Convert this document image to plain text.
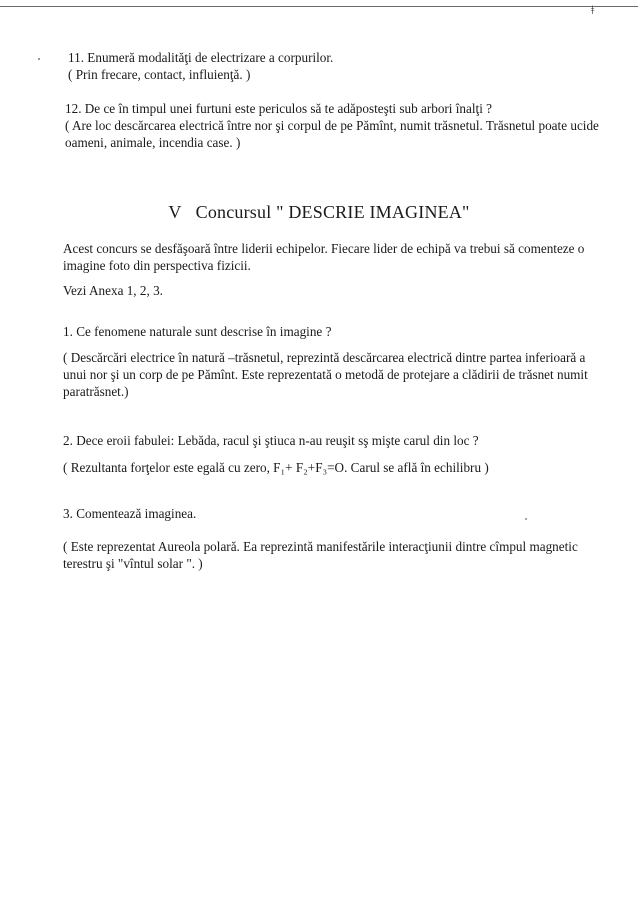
ǂ
11. Enumeră modalităţi de electrizare a corpurilor.
( Prin frecare, contact, influienţă. )
12. De ce în timpul unei furtuni este periculos să te adăposteşti sub arbori înalţi ?
( Are loc descărcarea electrică între nor şi corpul de pe Pămînt, numit trăsnetul. Trăsnetul poate ucide
oameni, animale, incendia case. )
V Concursul " DESCRIE IMAGINEA"
Acest concurs se desfăşoară între liderii echipelor. Fiecare lider de echipă va trebui să comenteze o
imagine foto din perspectiva fizicii.
Vezi Anexa 1, 2, 3.
1. Ce fenomene naturale sunt descrise în imagine ?
( Descărcări electrice în natură –trăsnetul, reprezintă descărcarea electrică dintre partea inferioară a
unui nor şi un corp de pe Pămînt. Este reprezentată o metodă de protejare a clădirii de trăsnet numit
paratrăsnet.)
2. Dece eroii fabulei: Lebăda, racul şi ştiuca n-au reuşit sş mişte carul din loc ?
( Rezultanta forţelor este egală cu zero, F₁+ F₂+F₃=O. Carul se află în echilibru )
3. Comentează imaginea.
( Este reprezentat Aureola polară. Ea reprezintă manifestările interacţiunii dintre cîmpul magnetic
terestru şi "vîntul solar ". )
